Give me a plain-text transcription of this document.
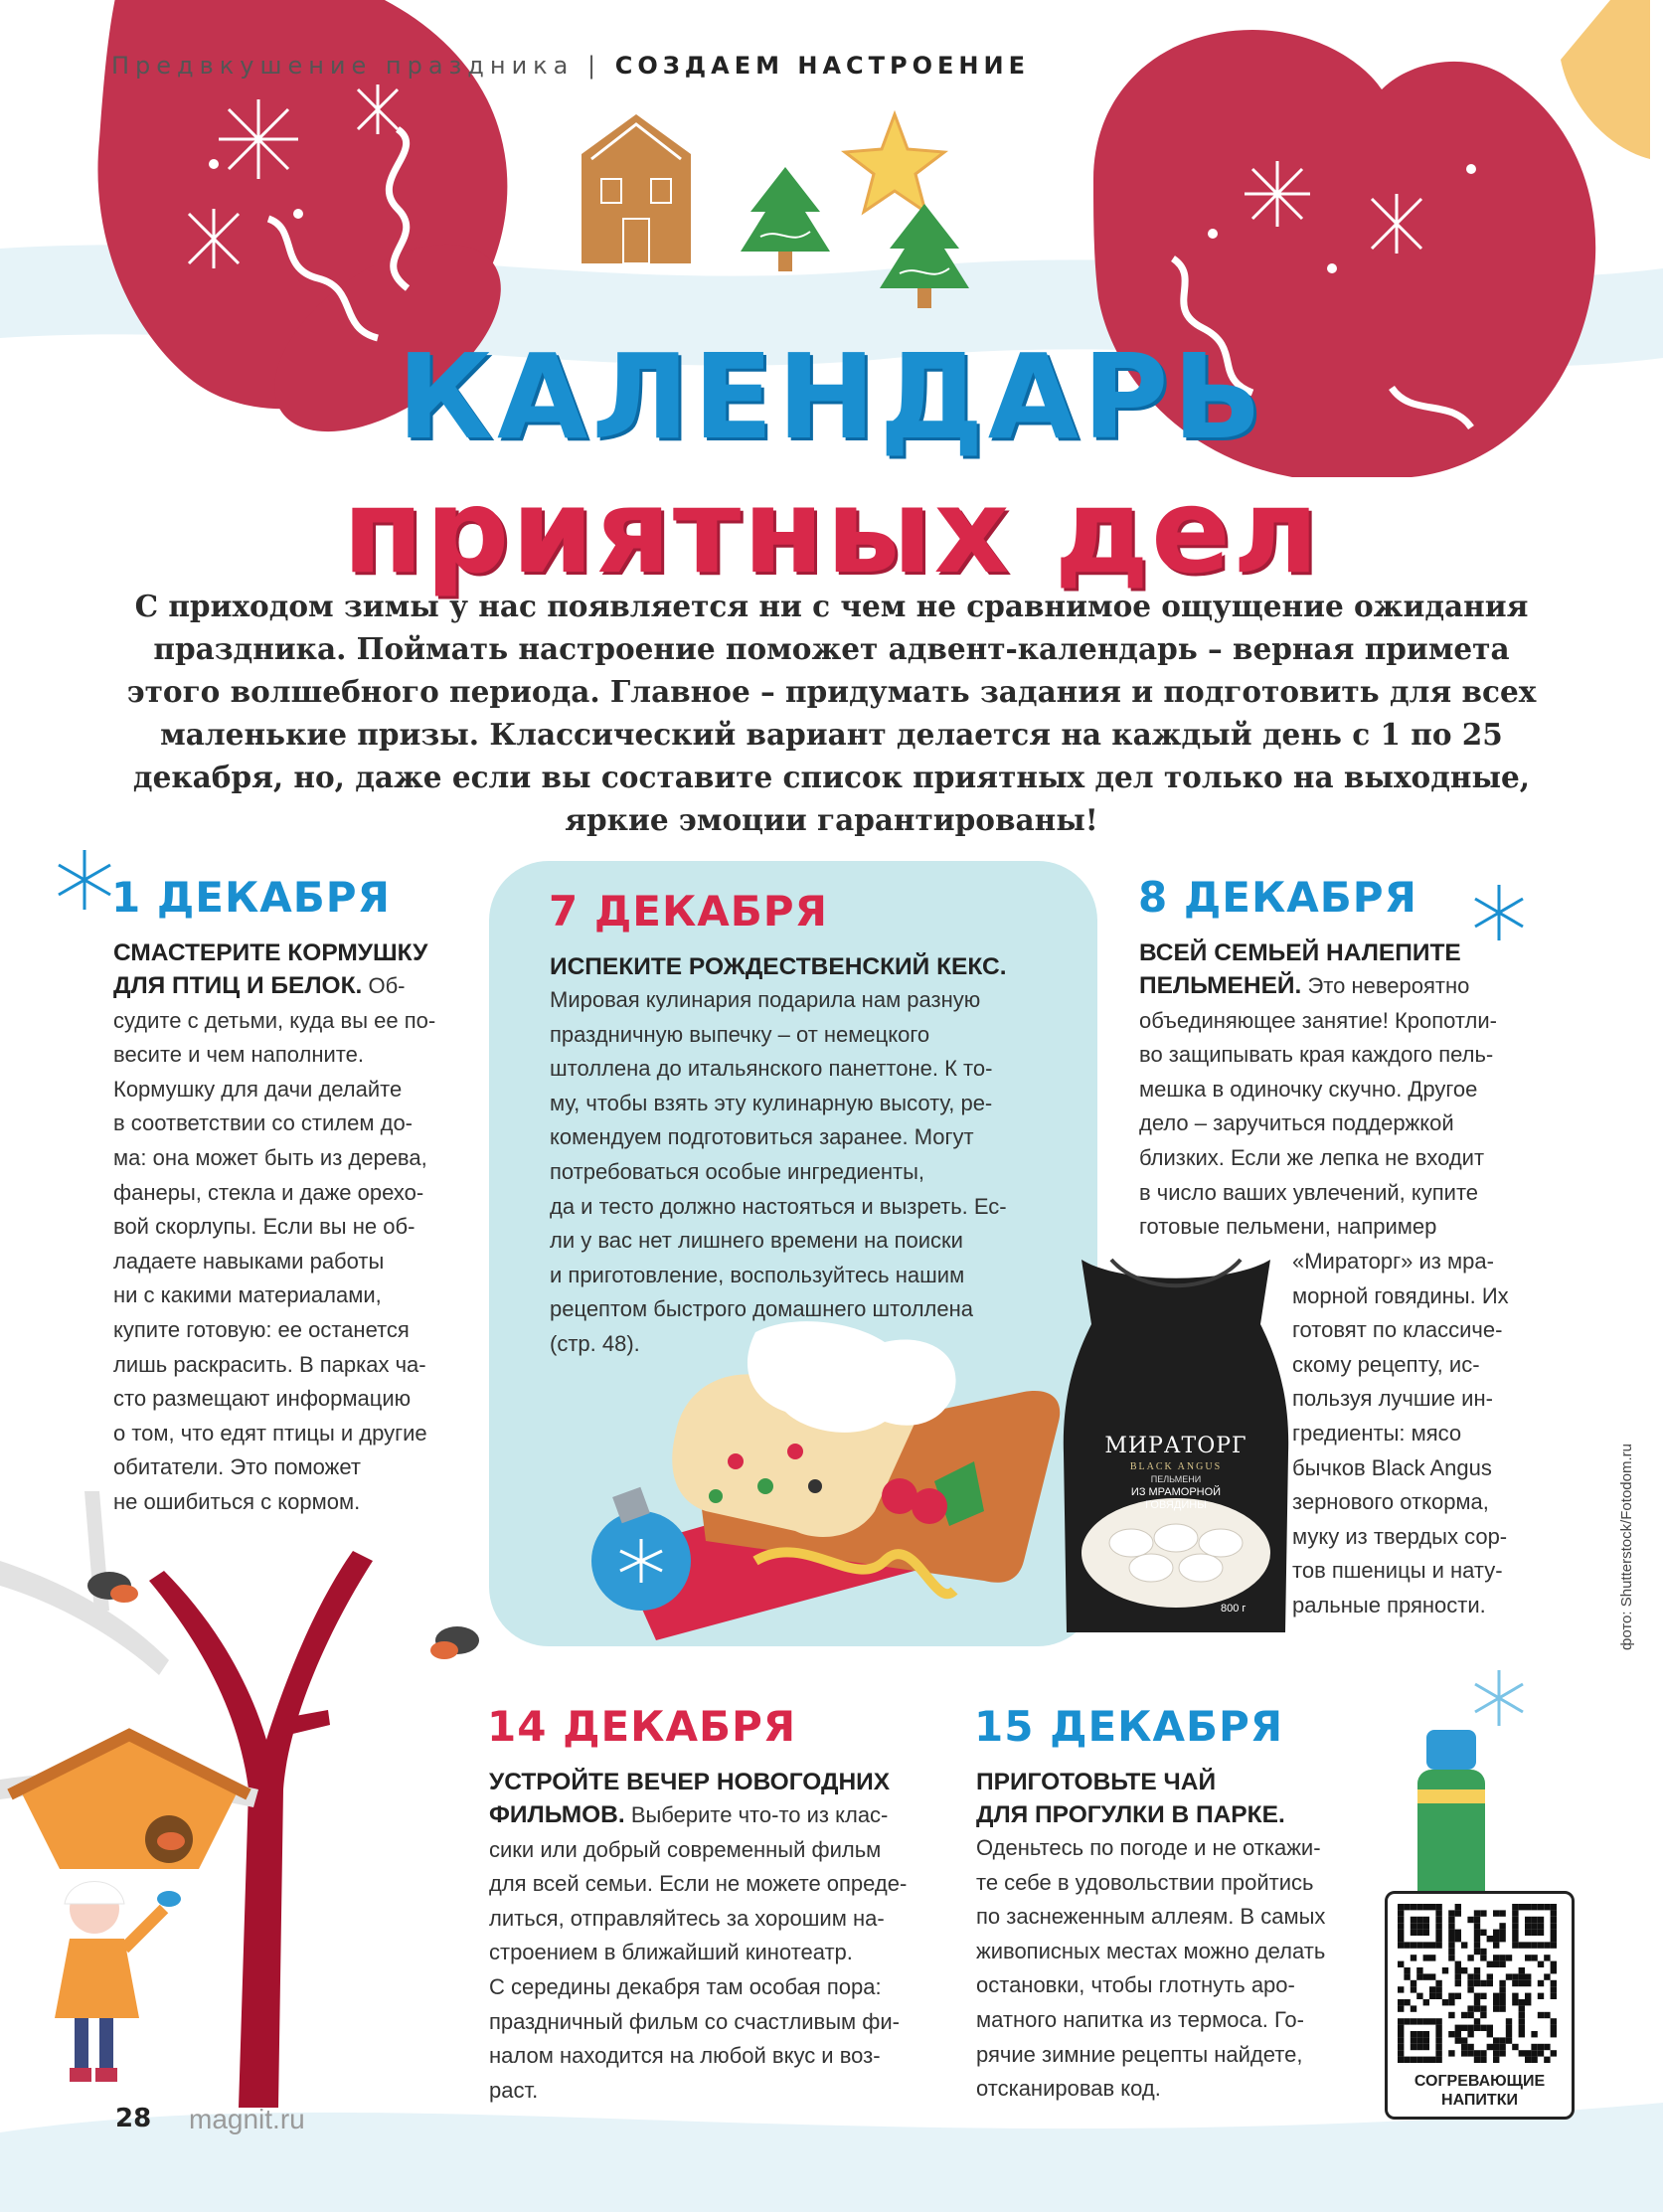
Предвкушение праздника | СОЗДАЕМ НАСТРОЕНИЕ
КАЛЕНДАРЬ
приятных дел
С приходом зимы у нас появляется ни с чем не сравнимое ощущение ожидания праздника. Поймать настроение поможет адвент-календарь – верная примета этого волшебного периода. Главное – придумать задания и подготовить для всех маленькие призы. Классический вариант делается на каждый день с 1 по 25 декабря, но, даже если вы составите список приятных дел только на выходные, яркие эмоции гарантированы!
1 ДЕКАБРЯ
СМАСТЕРИТЕ КОРМУШКУ
ДЛЯ ПТИЦ И БЕЛОК. Об-

судите с детьми, куда вы ее по-

весите и чем наполните.

Кормушку для дачи делайте

в соответствии со стилем до-

ма: она может быть из дерева,

фанеры, стекла и даже орехо-

вой скорлупы. Если вы не об-

ладаете навыками работы

ни с какими материалами,

купите готовую: ее останется

лишь раскрасить. В парках ча-

сто размещают информацию

о том, что едят птицы и другие

обитатели. Это поможет

не ошибиться с кормом.

7 ДЕКАБРЯ
ИСПЕКИТЕ РОЖДЕСТВЕНСКИЙ КЕКС.

Мировая кулинария подарила нам разную

праздничную выпечку – от немецкого

штоллена до итальянского панеттоне. К то-

му, чтобы взять эту кулинарную высоту, ре-

комендуем подготовиться заранее. Могут

потребоваться особые ингредиенты,

да и тесто должно настояться и вызреть. Ес-

ли у вас нет лишнего времени на поиски

и приготовление, воспользуйтесь нашим

рецептом быстрого домашнего штоллена

(стр. 48).

8 ДЕКАБРЯ
ВСЕЙ СЕМЬЕЙ НАЛЕПИТЕ
ПЕЛЬМЕНЕЙ. Это невероятно

объединяющее занятие! Кропотли-

во защипывать края каждого пель-

мешка в одиночку скучно. Другое

дело – заручиться поддержкой

близких. Если же лепка не входит

в число ваших увлечений, купите

готовые пельмени, например

«Мираторг» из мра-

морной говядины. Их

готовят по классиче-

скому рецепту, ис-

пользуя лучшие ин-

гредиенты: мясо

бычков Black Angus

зернового откорма,

муку из твердых сор-

тов пшеницы и нату-

ральные пряности.

МИРАТОРГ
BLACK ANGUS
ПЕЛЬМЕНИ
ИЗ МРАМОРНОЙ
ГОВЯДИНЫ
800 г
14 ДЕКАБРЯ
УСТРОЙТЕ ВЕЧЕР НОВОГОДНИХ
ФИЛЬМОВ. Выберите что-то из клас-

сики или добрый современный фильм

для всей семьи. Если не можете опреде-

литься, отправляйтесь за хорошим на-

строением в ближайший кинотеатр.

С середины декабря там особая пора:

праздничный фильм со счастливым фи-

налом находится на любой вкус и воз-

раст.

15 ДЕКАБРЯ
ПРИГОТОВЬТЕ ЧАЙ
ДЛЯ ПРОГУЛКИ В ПАРКЕ.

Оденьтесь по погоде и не откажи-

те себе в удовольствии пройтись

по заснеженным аллеям. В самых

живописных местах можно делать

остановки, чтобы глотнуть аро-

матного напитка из термоса. Го-

рячие зимние рецепты найдете,

отсканировав код.	СОГРЕВАЮЩИЕ
НАПИТКИ
28 magnit.ru
фото: Shutterstock/Fotodom.ru
